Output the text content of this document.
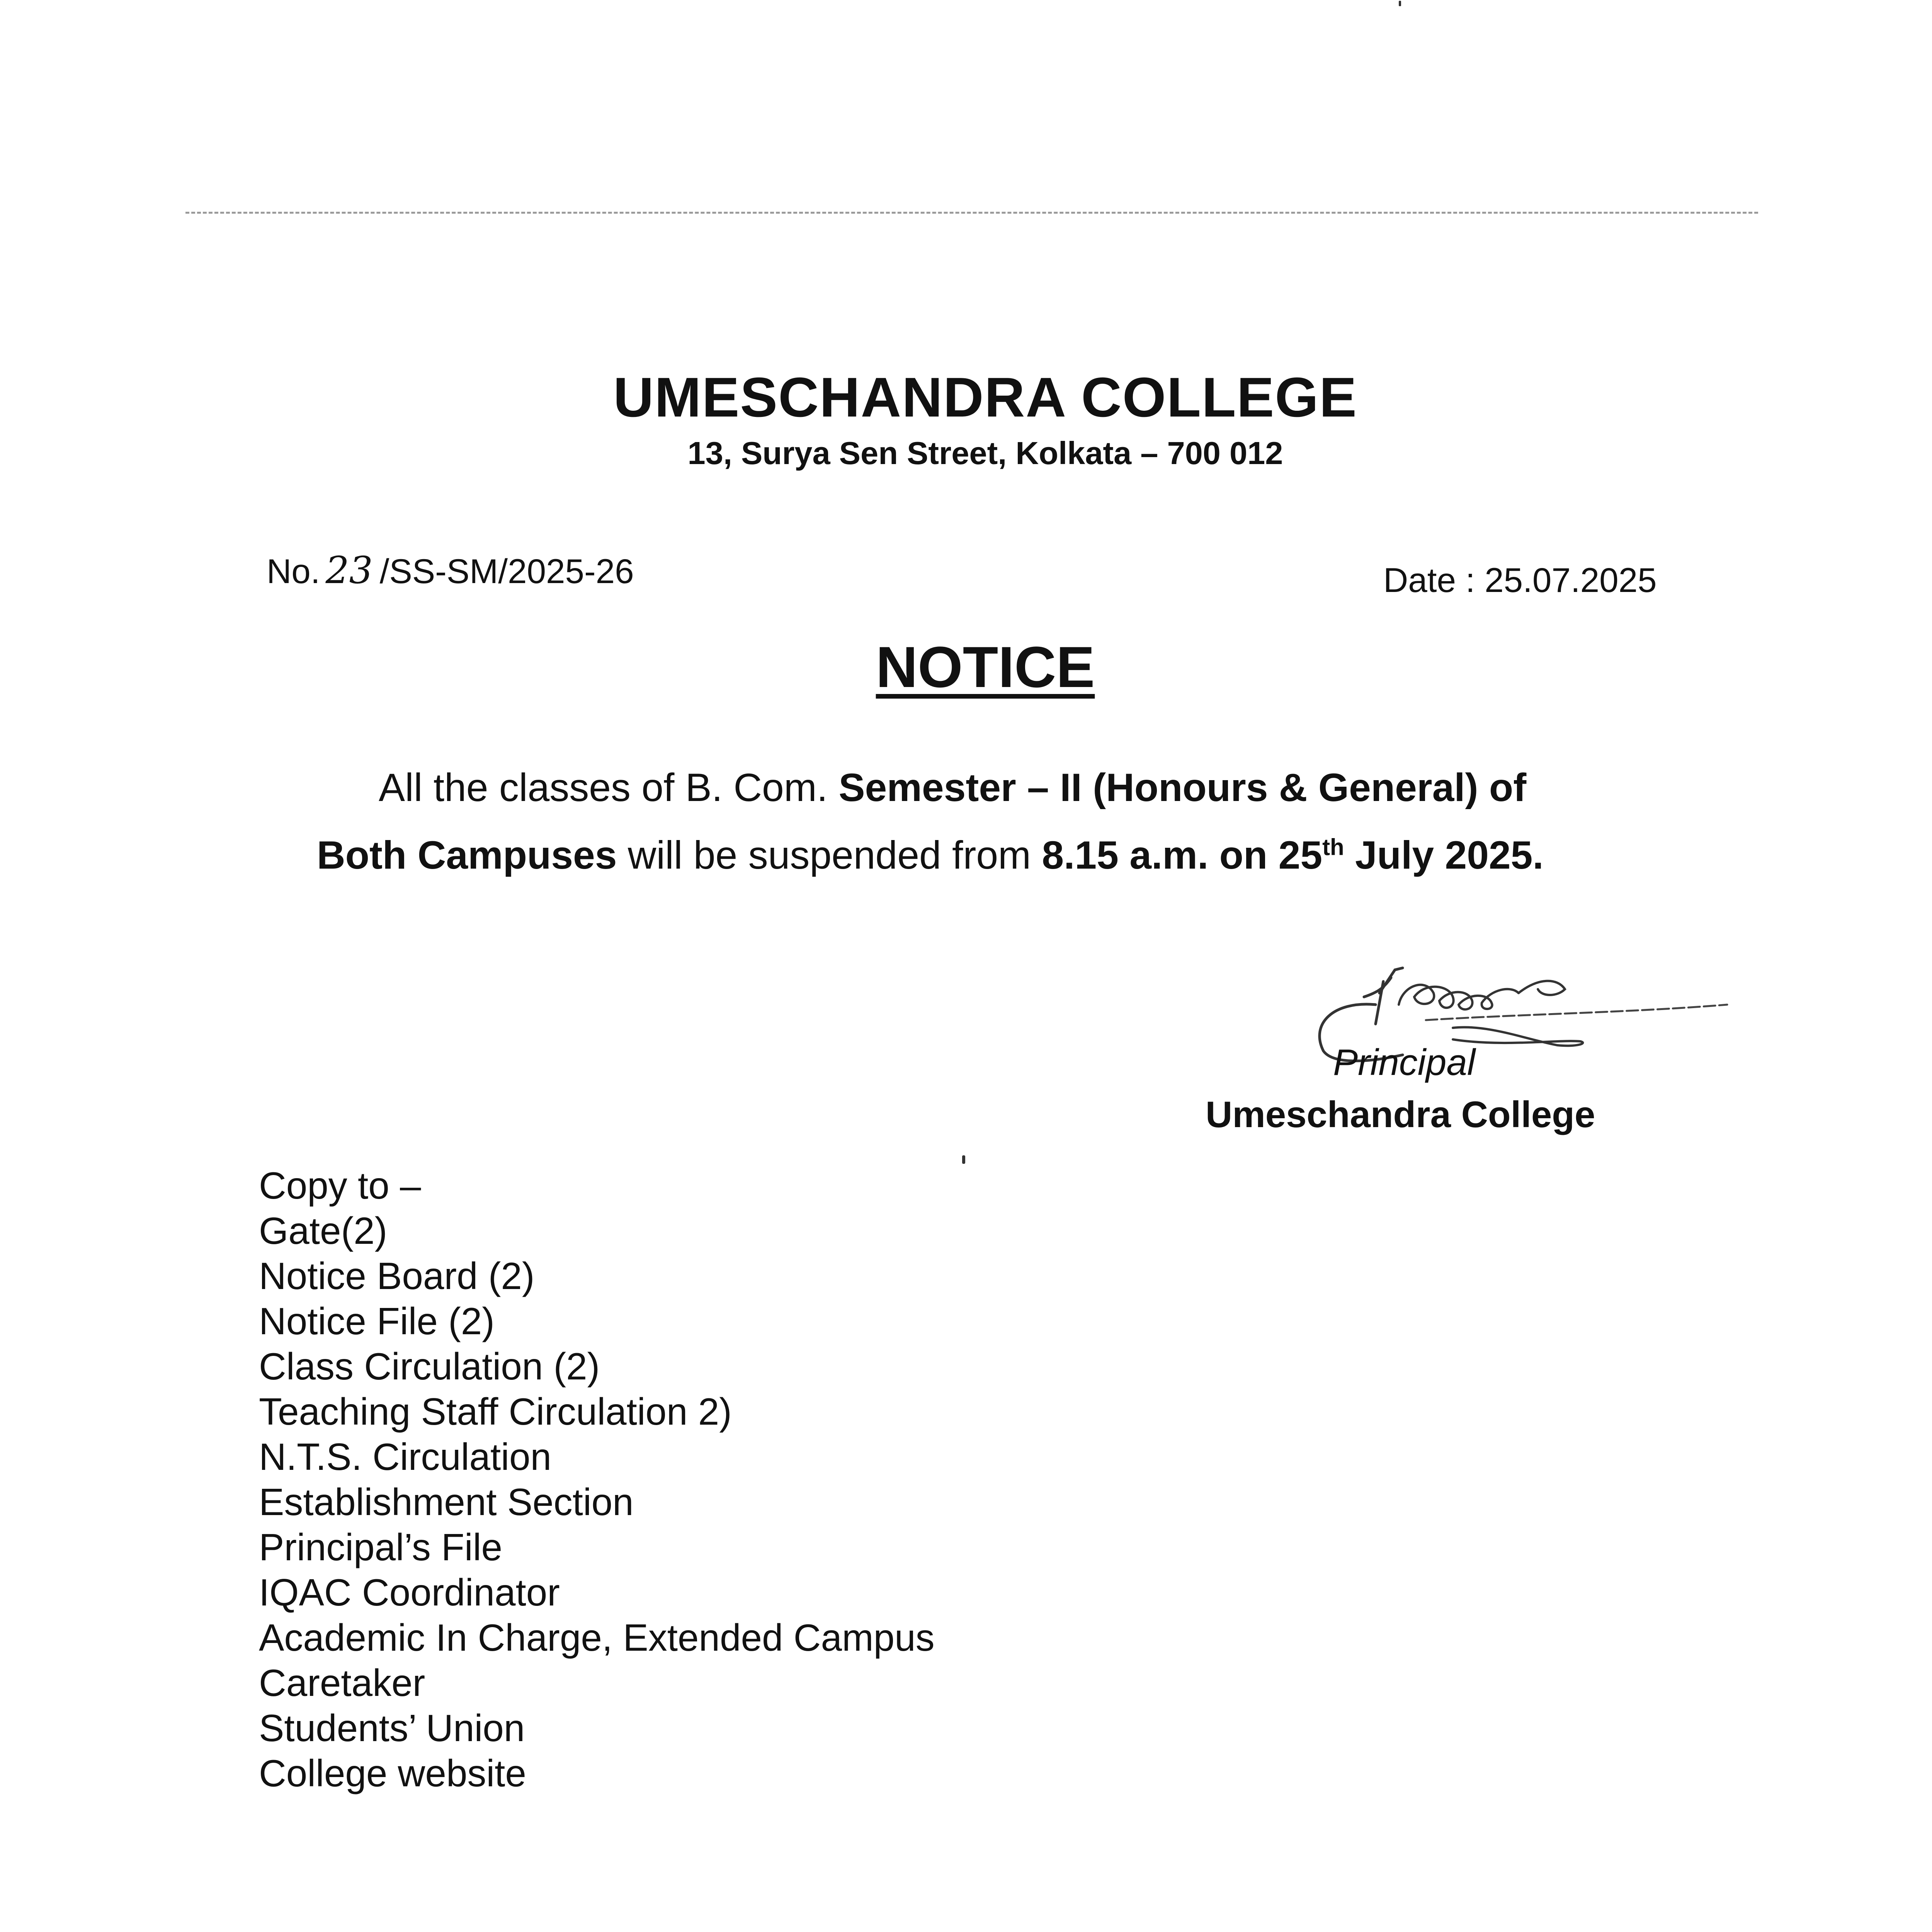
UMESCHANDRA COLLEGE
13, Surya Sen Street, Kolkata – 700 012
No. 23 /SS-SM/2025-26	Date : 25.07.2025
NOTICE
All the classes of B. Com. Semester – II (Honours & General) of
Both Campuses will be suspended from 8.15 a.m. on 25th July 2025.
Principal
Umeschandra College
Copy to –
Gate(2)
Notice Board (2)
Notice File (2)
Class Circulation (2)
Teaching Staff Circulation 2)
N.T.S. Circulation
Establishment Section
Principal’s File
IQAC Coordinator
Academic In Charge, Extended Campus
Caretaker
Students’ Union
College website
